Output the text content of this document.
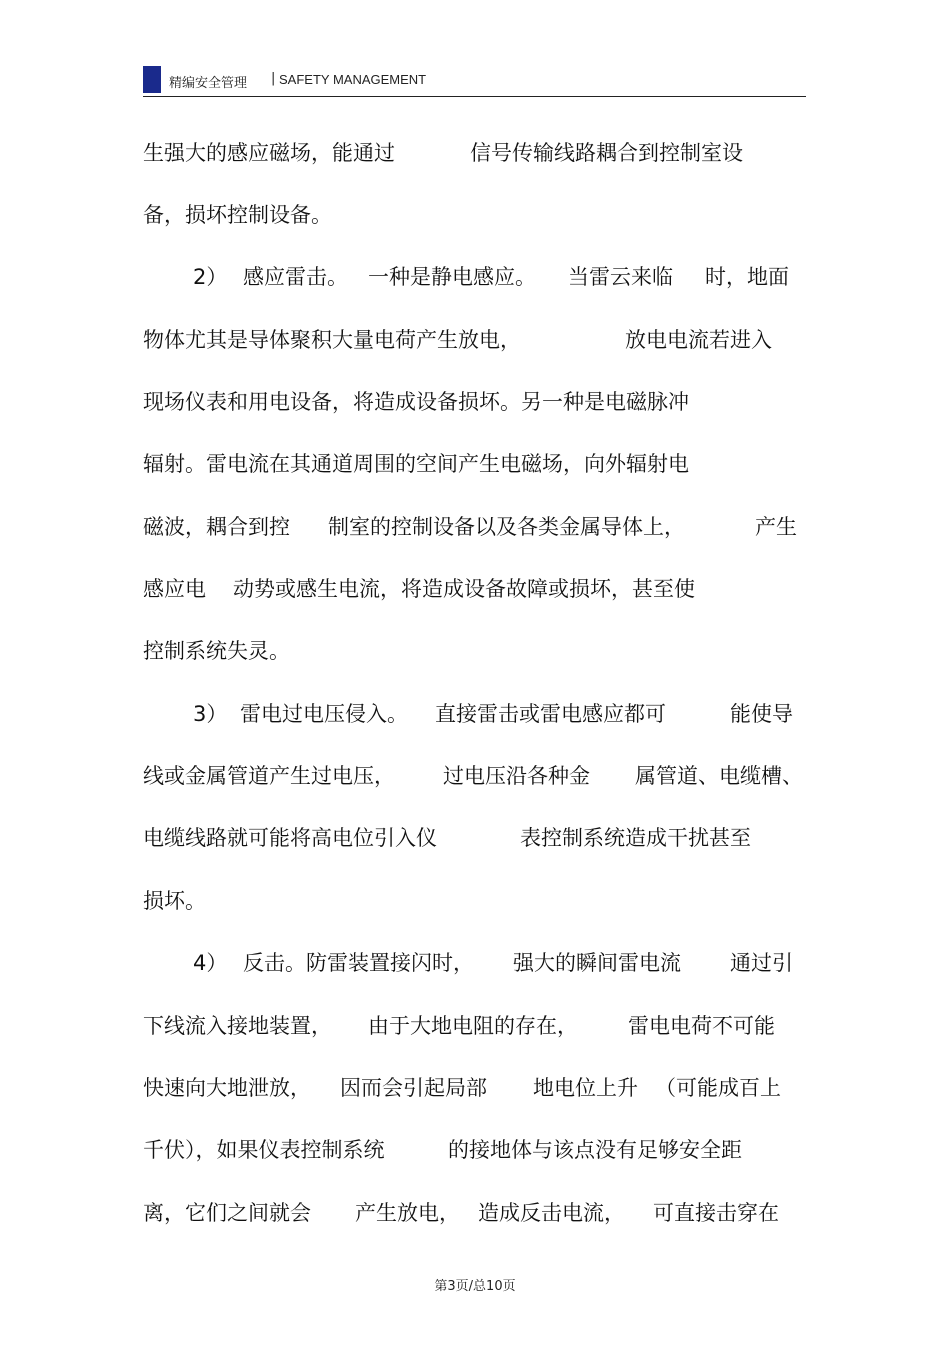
精编安全管理 | SAFETY MANAGEMENT
生强大的感应磁场，能通过	信号传输线路耦合到控制室设
备，损坏控制设备。
2） 感应雷击。 一种是静电感应。 当雷云来临 时，地面
物体尤其是导体聚积大量电荷产生放电，	放电电流若进入
现场仪表和用电设备，将造成设备损坏。另一种是电磁脉冲
辐射。雷电流在其通道周围的空间产生电磁场，向外辐射电
磁波，耦合到控 制室的控制设备以及各类金属导体上，	产生
感应电 动势或感生电流，将造成设备故障或损坏，甚至使
控制系统失灵。
3） 雷电过电压侵入。 直接雷击或雷电感应都可	能使导
线或金属管道产生过电压， 过电压沿各种金 属管道、电缆槽、
电缆线路就可能将高电位引入仪	表控制系统造成干扰甚至
损坏。
4） 反击。防雷装置接闪时， 强大的瞬间雷电流 通过引
下线流入接地装置， 由于大地电阻的存在， 雷电电荷不可能
快速向大地泄放， 因而会引起局部 地电位上升 （可能成百上
千伏），如果仪表控制系统	的接地体与该点没有足够安全距
离，它们之间就会 产生放电， 造成反击电流， 可直接击穿在
第3页/总10页
